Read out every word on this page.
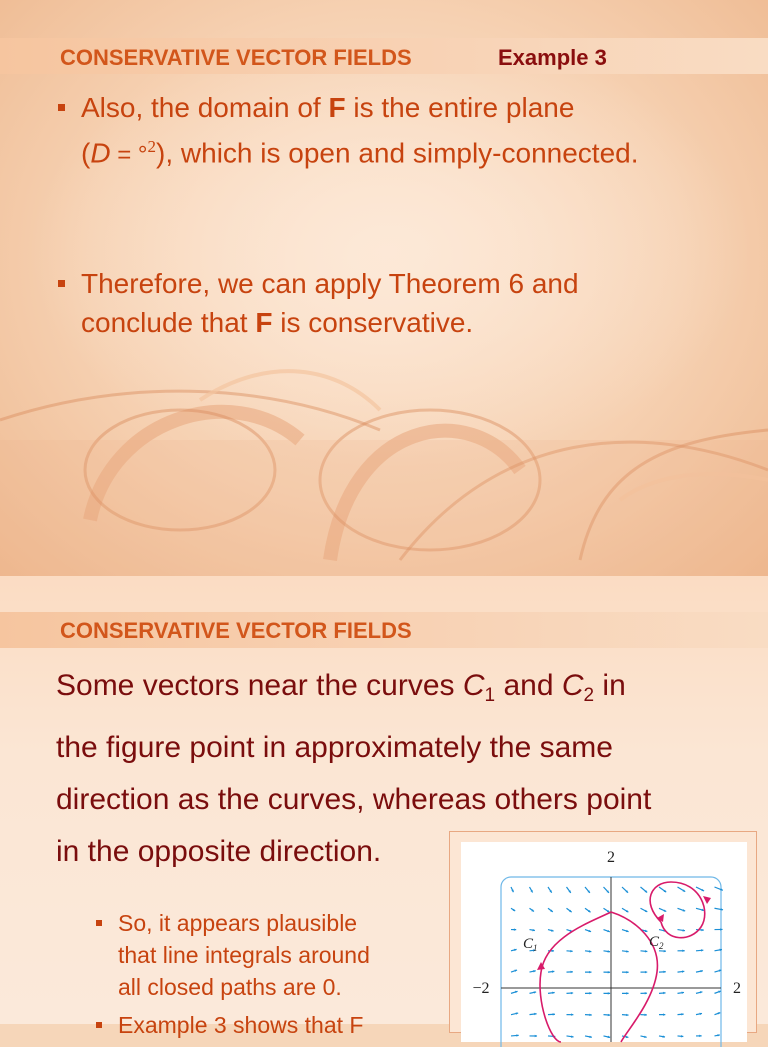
CONSERVATIVE VECTOR FIELDS	Example 3
Also, the domain of F is the entire plane
(D = °$^2$), which is open and simply-connected.
Therefore, we can apply Theorem 6 and
conclude that F is conservative.
CONSERVATIVE VECTOR FIELDS
Some vectors near the curves $C_1$ and $C_2$ in
the figure point in approximately the same
direction as the curves, whereas others point
in the opposite direction.
So, it appears plausible
that line integrals around
all closed paths are 0.
Example 3 shows that F
2
−2	2
$C_1$	$C_2$
